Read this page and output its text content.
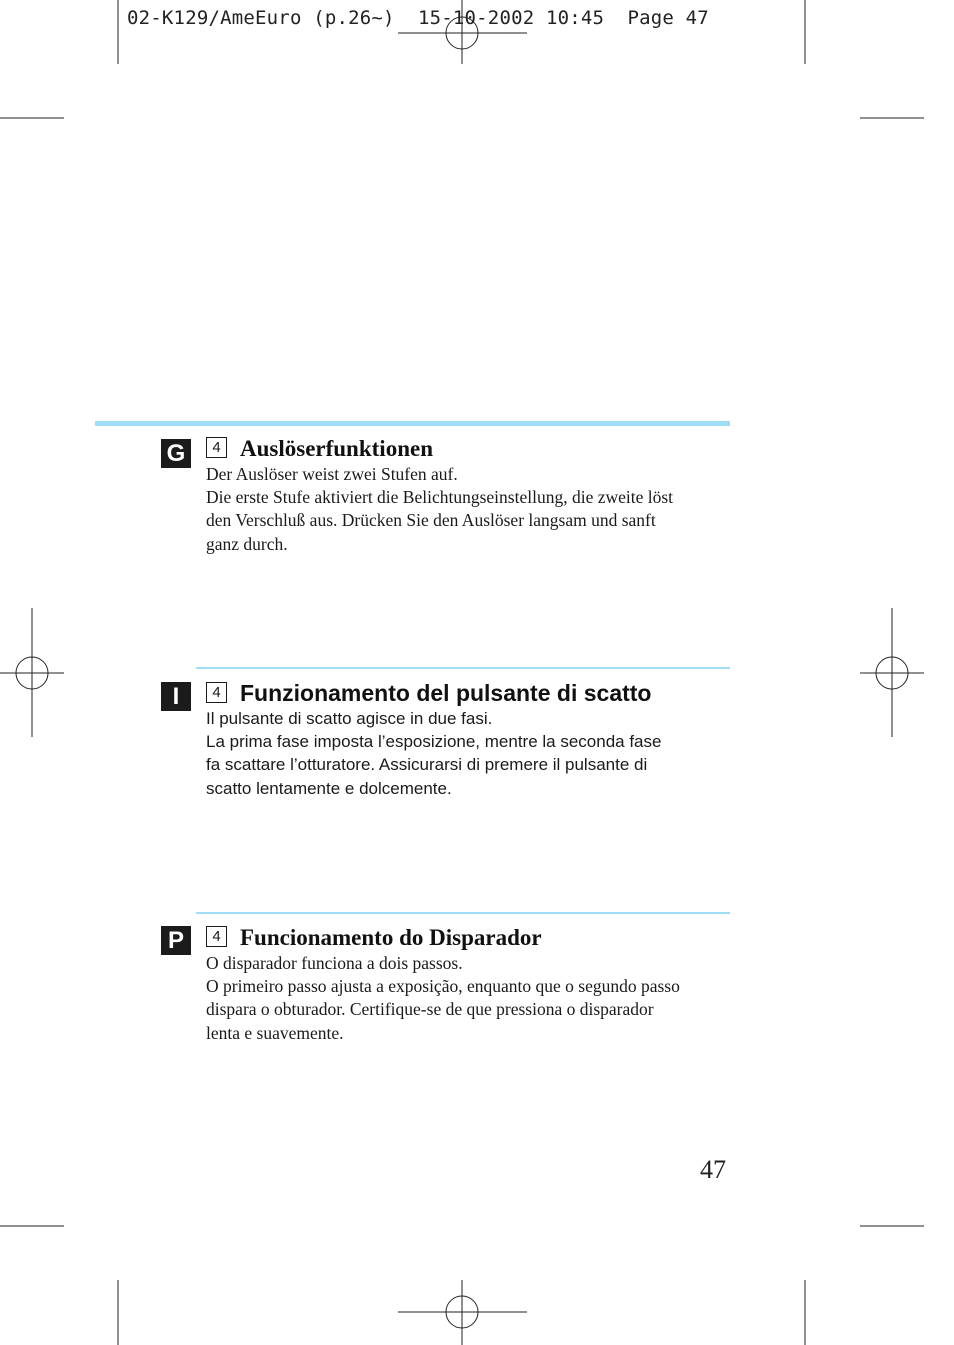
02-K129/AmeEuro (p.26~)  15-10-2002 10:45  Page 47
G	4 Auslöserfunktionen

Der Auslöser weist zwei Stufen auf.

Die erste Stufe aktiviert die Belichtungseinstellung, die zweite löst

den Verschluß aus. Drücken Sie den Auslöser langsam und sanft

ganz durch.

I	4 Funzionamento del pulsante di scatto

Il pulsante di scatto agisce in due fasi.

La prima fase imposta l’esposizione, mentre la seconda fase

fa scattare l’otturatore. Assicurarsi di premere il pulsante di

scatto lentamente e dolcemente.

P	4 Funcionamento do Disparador

O disparador funciona a dois passos.

O primeiro passo ajusta a exposição, enquanto que o segundo passo

dispara o obturador. Certifique-se de que pressiona o disparador

lenta e suavemente.

47
